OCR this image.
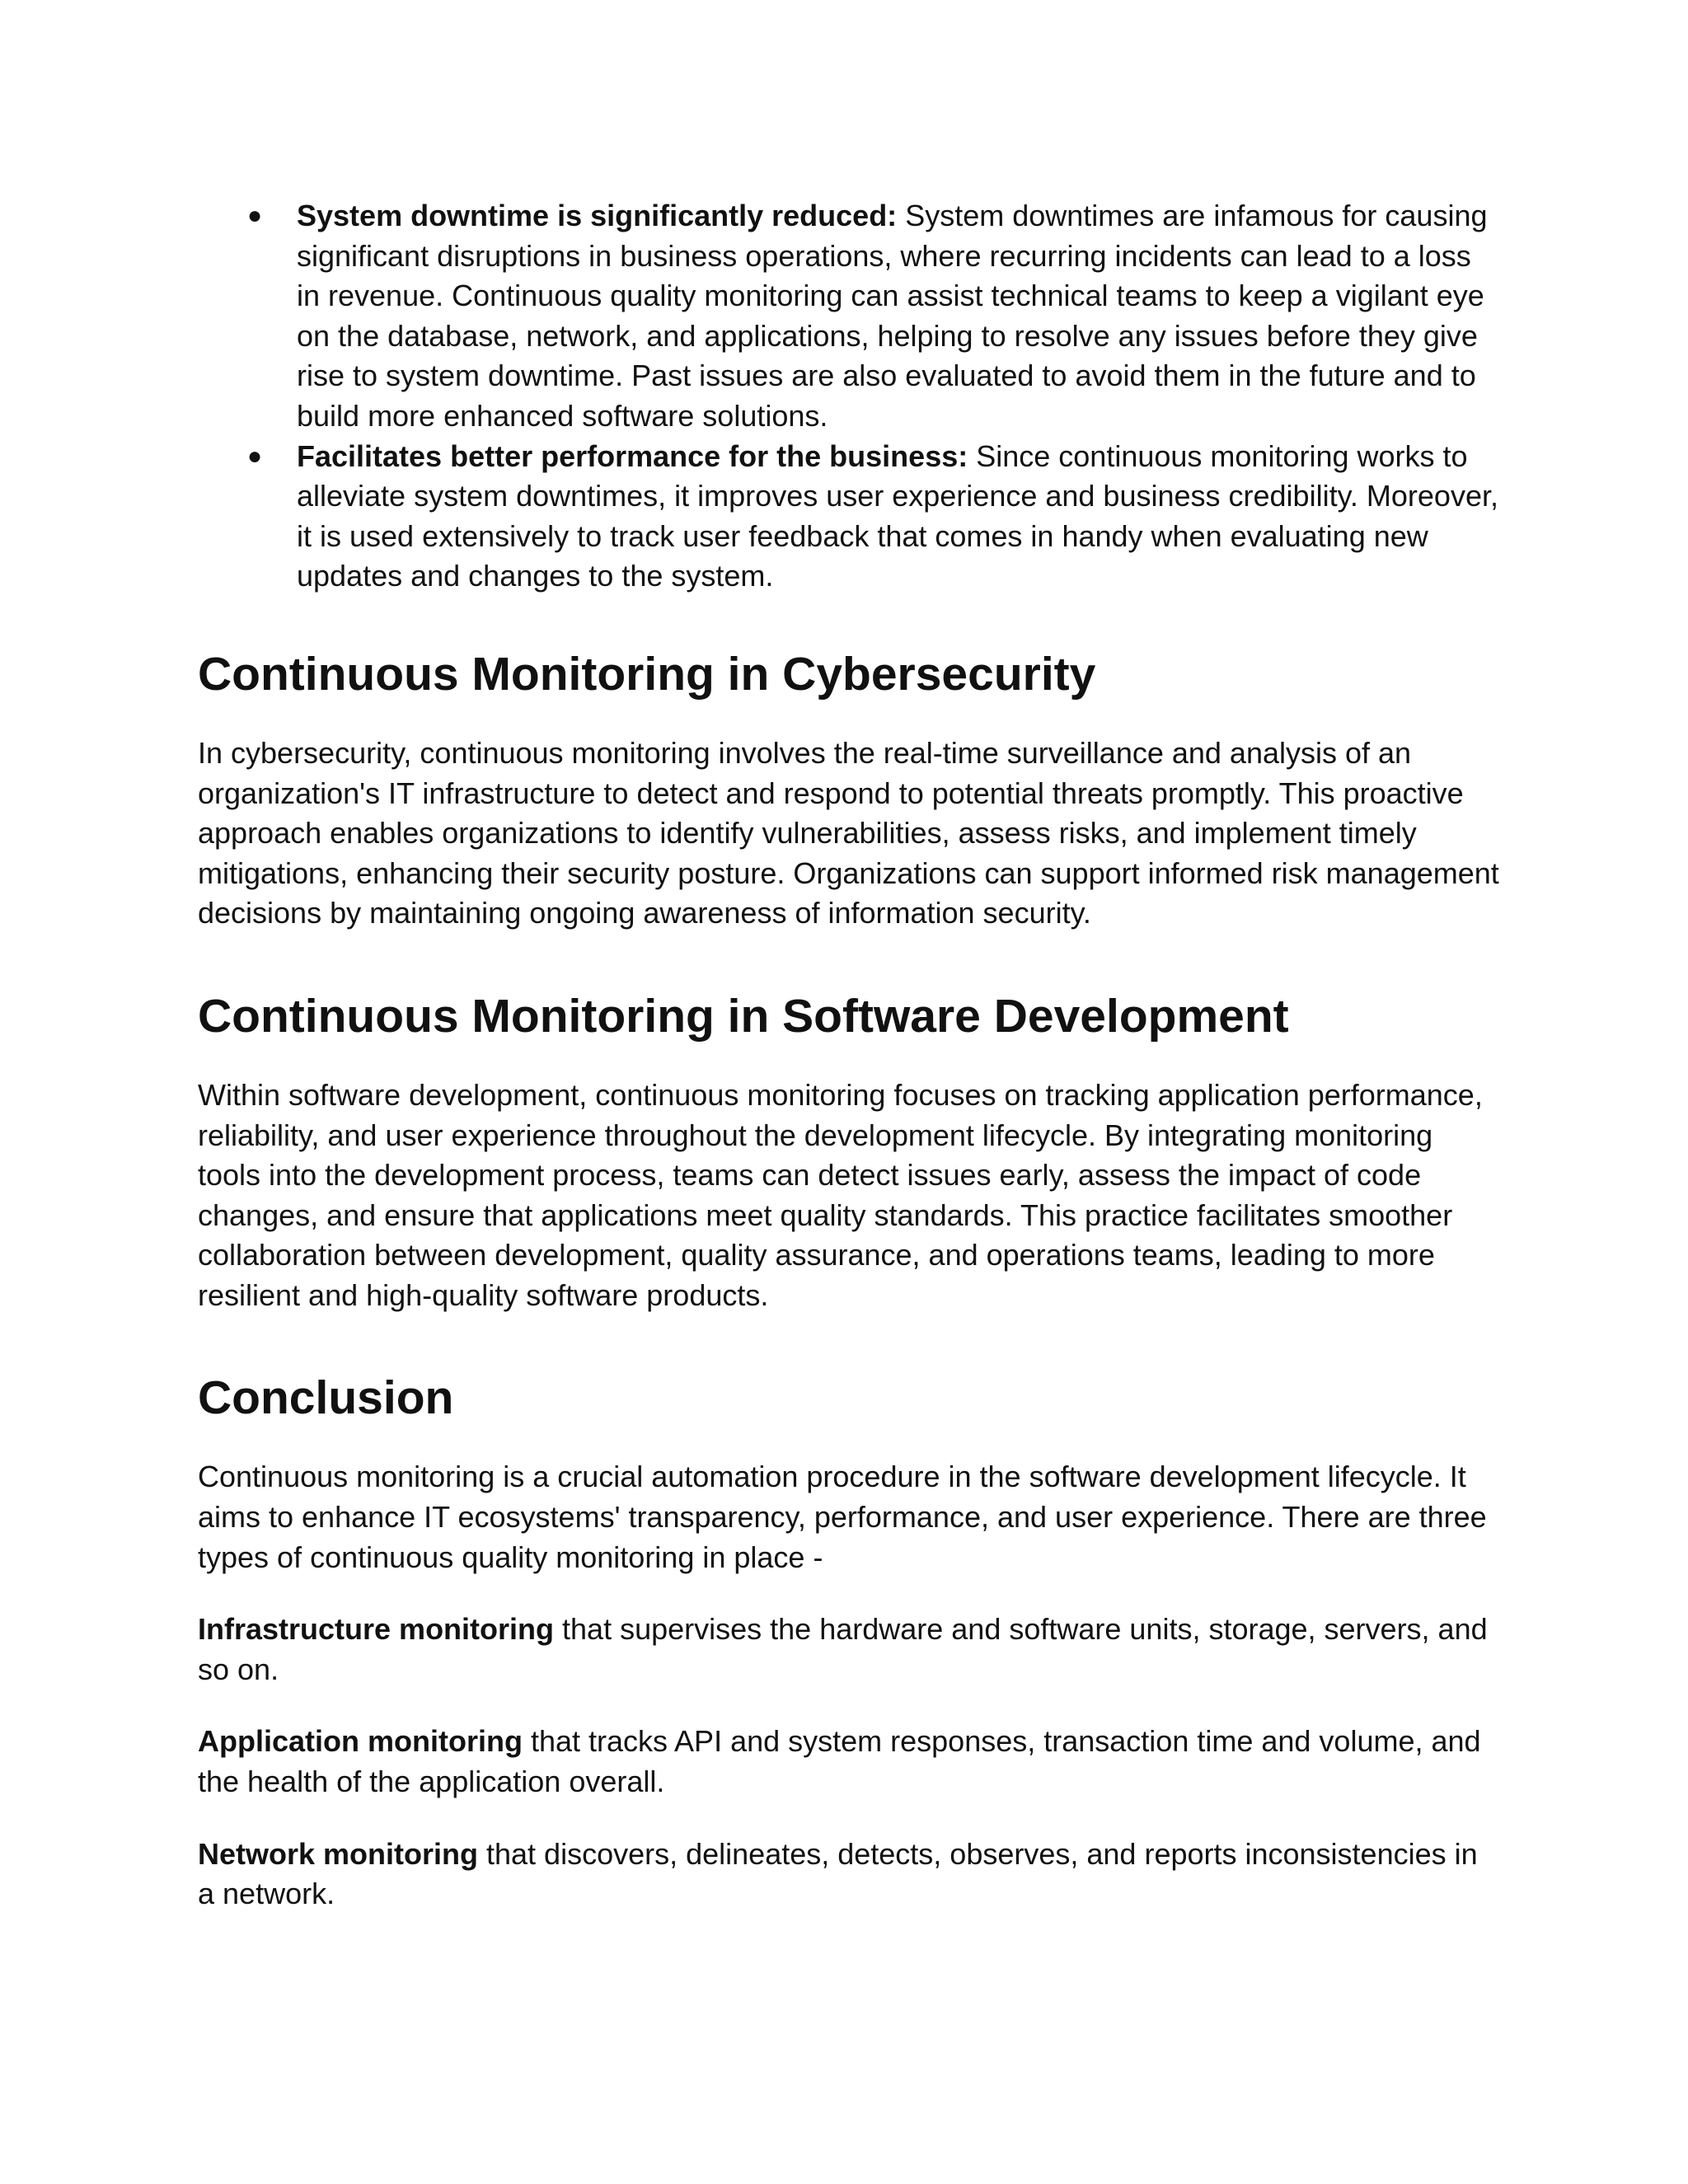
● System downtime is significantly reduced: System downtimes are infamous for causing significant disruptions in business operations, where recurring incidents can lead to a loss in revenue. Continuous quality monitoring can assist technical teams to keep a vigilant eye on the database, network, and applications, helping to resolve any issues before they give rise to system downtime. Past issues are also evaluated to avoid them in the future and to build more enhanced software solutions.
● Facilitates better performance for the business: Since continuous monitoring works to alleviate system downtimes, it improves user experience and business credibility. Moreover, it is used extensively to track user feedback that comes in handy when evaluating new updates and changes to the system.
Continuous Monitoring in Cybersecurity

In cybersecurity, continuous monitoring involves the real-time surveillance and analysis of an organization's IT infrastructure to detect and respond to potential threats promptly. This proactive approach enables organizations to identify vulnerabilities, assess risks, and implement timely mitigations, enhancing their security posture. Organizations can support informed risk management decisions by maintaining ongoing awareness of information security.

Continuous Monitoring in Software Development

Within software development, continuous monitoring focuses on tracking application performance, reliability, and user experience throughout the development lifecycle. By integrating monitoring tools into the development process, teams can detect issues early, assess the impact of code changes, and ensure that applications meet quality standards. This practice facilitates smoother collaboration between development, quality assurance, and operations teams, leading to more resilient and high-quality software products.

Conclusion

Continuous monitoring is a crucial automation procedure in the software development lifecycle. It aims to enhance IT ecosystems' transparency, performance, and user experience. There are three types of continuous quality monitoring in place -

Infrastructure monitoring that supervises the hardware and software units, storage, servers, and so on.

Application monitoring that tracks API and system responses, transaction time and volume, and the health of the application overall.

Network monitoring that discovers, delineates, detects, observes, and reports inconsistencies in a network.
